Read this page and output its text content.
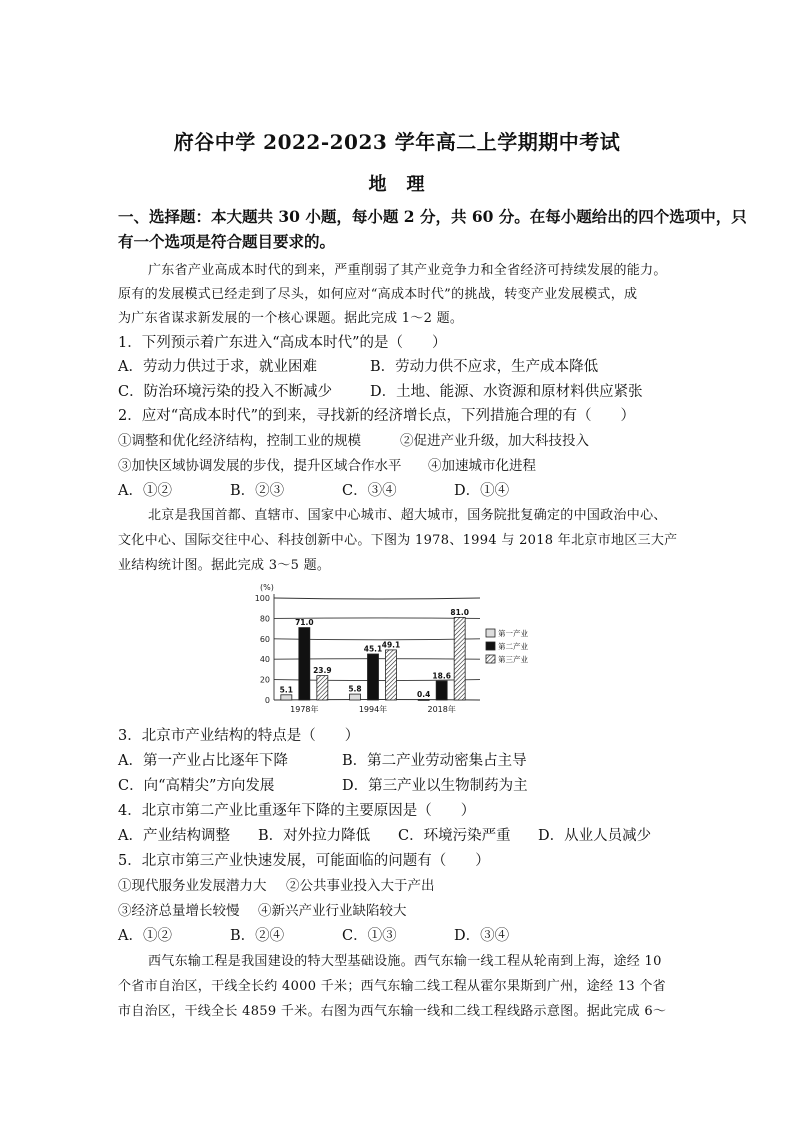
府谷中学 2022-2023 学年高二上学期期中考试
地　理
一、选择题：本大题共 30 小题，每小题 2 分，共 60 分。在每小题给出的四个选项中，只
有一个选项是符合题目要求的。
广东省产业高成本时代的到来，严重削弱了其产业竞争力和全省经济可持续发展的能力。
原有的发展模式已经走到了尽头，如何应对“高成本时代”的挑战，转变产业发展模式，成
为广东省谋求新发展的一个核心课题。据此完成 1～2 题。
1．下列预示着广东进入“高成本时代”的是（　　）
A．劳动力供过于求，就业困难	B．劳动力供不应求，生产成本降低
C．防治环境污染的投入不断减少	D．土地、能源、水资源和原材料供应紧张
2．应对“高成本时代”的到来，寻找新的经济增长点，下列措施合理的有（　　）
①调整和优化经济结构，控制工业的规模	②促进产业升级，加大科技投入
③加快区域协调发展的步伐，提升区域合作水平 ④加速城市化进程
A．①②	B．②③	C．③④	D．①④
北京是我国首都、直辖市、国家中心城市、超大城市，国务院批复确定的中国政治中心、
文化中心、国际交往中心、科技创新中心。下图为 1978、1994 与 2018 年北京市地区三大产
业结构统计图。据此完成 3～5 题。
(%)
0
20
40
60
80
100
5.1
71.0
23.9
1978年
5.8
45.1 49.1
1994年
0.4
18.6
81.0
2018年
第一产业
第二产业
第三产业
3．北京市产业结构的特点是（　　）
A．第一产业占比逐年下降	B．第二产业劳动密集占主导
C．向“高精尖”方向发展	D．第三产业以生物制药为主
4．北京市第二产业比重逐年下降的主要原因是（　　）
A．产业结构调整 B．对外拉力降低 C．环境污染严重 D．从业人员减少
5．北京市第三产业快速发展，可能面临的问题有（　　）
①现代服务业发展潜力大 ②公共事业投入大于产出
③经济总量增长较慢 ④新兴产业行业缺陷较大
A．①②	B．②④	C．①③	D．③④
西气东输工程是我国建设的特大型基础设施。西气东输一线工程从轮南到上海，途经 10
个省市自治区，干线全长约 4000 千米；西气东输二线工程从霍尔果斯到广州，途经 13 个省
市自治区，干线全长 4859 千米。右图为西气东输一线和二线工程线路示意图。据此完成 6～
